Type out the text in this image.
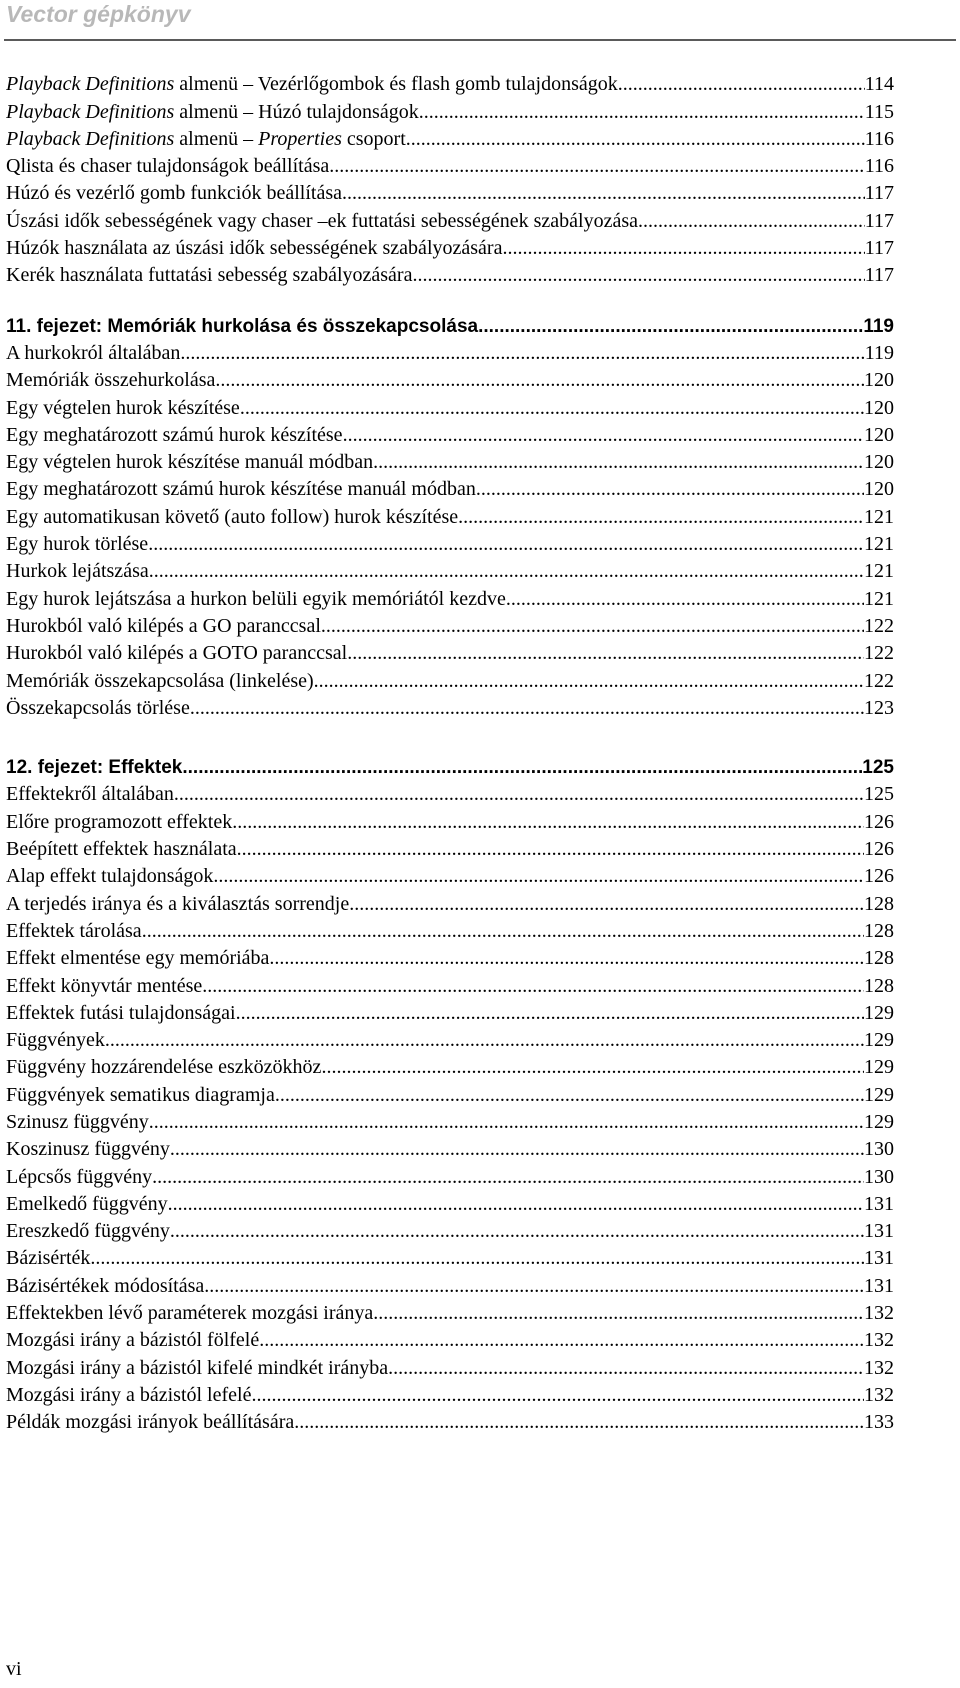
Vector gépkönyv
Playback Definitions almenü – Vezérlőgombok és flash gomb tulajdonságok .....	114
Playback Definitions almenü – Húzó tulajdonságok .....	115
Playback Definitions almenü – Properties csoport .....	116
Qlista és chaser tulajdonságok beállítása .....	116
Húzó és vezérlő gomb funkciók beállítása .....	117
Úszási idők sebességének vagy chaser –ek futtatási sebességének szabályozása .....	117
Húzók használata az úszási idők sebességének szabályozására .....	117
Kerék használata futtatási sebesség szabályozására .....	117
11. fejezet: Memóriák hurkolása és összekapcsolása .....	119
A hurkokról általában .....	119
Memóriák összehurkolása .....	120
Egy végtelen hurok készítése .....	120
Egy meghatározott számú hurok készítése .....	120
Egy végtelen hurok készítése manuál módban .....	120
Egy meghatározott számú hurok készítése manuál módban .....	120
Egy automatikusan követő (auto follow) hurok készítése .....	121
Egy hurok törlése .....	121
Hurkok lejátszása .....	121
Egy hurok lejátszása a hurkon belüli egyik memóriától kezdve .....	121
Hurokból való kilépés a GO paranccsal .....	122
Hurokból való kilépés a GOTO paranccsal .....	122
Memóriák összekapcsolása (linkelése) .....	122
Összekapcsolás törlése .....	123
12. fejezet: Effektek .....	125
Effektekről általában .....	125
Előre programozott effektek .....	126
Beépített effektek használata .....	126
Alap effekt tulajdonságok .....	126
A terjedés iránya és a kiválasztás sorrendje .....	128
Effektek tárolása .....	128
Effekt elmentése egy memóriába .....	128
Effekt könyvtár mentése .....	128
Effektek futási tulajdonságai .....	129
Függvények .....	129
Függvény hozzárendelése eszközökhöz .....	129
Függvények sematikus diagramja .....	129
Szinusz függvény .....	129
Koszinusz függvény .....	130
Lépcsős függvény .....	130
Emelkedő függvény .....	131
Ereszkedő függvény .....	131
Bázisérték .....	131
Bázisértékek módosítása .....	131
Effektekben lévő paraméterek mozgási iránya .....	132
Mozgási irány a bázistól fölfelé .....	132
Mozgási irány a bázistól kifelé mindkét irányba .....	132
Mozgási irány a bázistól lefelé .....	132
Példák mozgási irányok beállítására .....	133
vi
